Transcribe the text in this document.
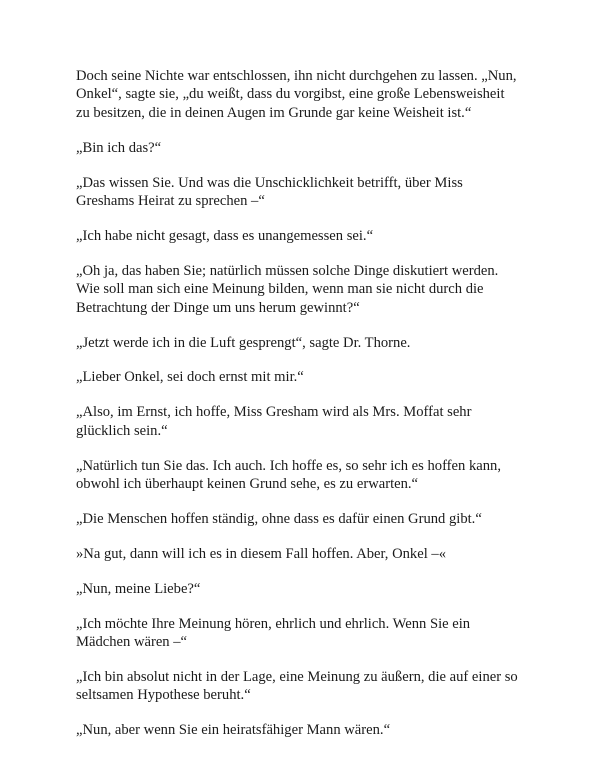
Doch seine Nichte war entschlossen, ihn nicht durchgehen zu lassen. „Nun,
Onkel“, sagte sie, „du weißt, dass du vorgibst, eine große Lebensweisheit
zu besitzen, die in deinen Augen im Grunde gar keine Weisheit ist.“

„Bin ich das?“

„Das wissen Sie. Und was die Unschicklichkeit betrifft, über Miss
Greshams Heirat zu sprechen –“

„Ich habe nicht gesagt, dass es unangemessen sei.“

„Oh ja, das haben Sie; natürlich müssen solche Dinge diskutiert werden.
Wie soll man sich eine Meinung bilden, wenn man sie nicht durch die
Betrachtung der Dinge um uns herum gewinnt?“

„Jetzt werde ich in die Luft gesprengt“, sagte Dr. Thorne.

„Lieber Onkel, sei doch ernst mit mir.“

„Also, im Ernst, ich hoffe, Miss Gresham wird als Mrs. Moffat sehr
glücklich sein.“

„Natürlich tun Sie das. Ich auch. Ich hoffe es, so sehr ich es hoffen kann,
obwohl ich überhaupt keinen Grund sehe, es zu erwarten.“

„Die Menschen hoffen ständig, ohne dass es dafür einen Grund gibt.“

»Na gut, dann will ich es in diesem Fall hoffen. Aber, Onkel –«

„Nun, meine Liebe?“

„Ich möchte Ihre Meinung hören, ehrlich und ehrlich. Wenn Sie ein
Mädchen wären –“

„Ich bin absolut nicht in der Lage, eine Meinung zu äußern, die auf einer so
seltsamen Hypothese beruht.“

„Nun, aber wenn Sie ein heiratsfähiger Mann wären.“
